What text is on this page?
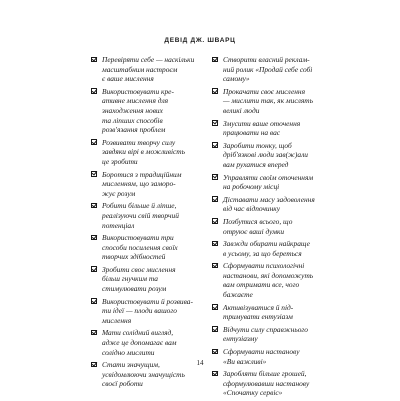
ДЕВІД ДЖ. ШВАРЦ
Перевіряти себе — наскільки
масштабним настроєм
є ваше мислення
Використовувати кре-
ативне мислення для
знаходження нових
та ліпших способів
розв'язання проблем
Розвивати творчу силу
завдяки вірі в можливість
це зробити
Боротися з традиційним
мисленням, що заморо-
жує розум
Робити більше й ліпше,
реалізуючи свій творчий
потенціал
Використовувати три
способи посилення своїх
творчих здібностей
Зробити своє мислення
більш гнучким та
стимулювати розум
Використовувати й розвива-
ти ідеї — плоди вашого
мислення
Мати солідний вигляд,
адже це допомагає вам
солідно мислити
Стати значущим,
усвідомлюючи значущість
своєї роботи
Створити власний реклам-
ний ролик «Продай себе собі
самому»
Прокачати своє мислення
— мислити так, як мислять
великі люди
Змусити ваше оточення
працювати на вас
Заробити тонку, щоб
дріб'язкові люди зав(ж)али
вам рухатися вперед
Управляти своїм оточенням
на робочому місці
Діставати масу задоволення
від час відпочинку
Позбутися всього, що
отруює ваші думки
Завжди обирати найкраще
в усьому, за що береться
Сформувати психологічні
настанови, які допоможуть
вам отримати все, чого
бажаєте
Активізуватися й під-
тримувати ентузіазм
Відчути силу справжнього
ентузіазму
Сформувати настанову
«Ви важливі»
Заробляти більше грошей,
сформулювавши настанову
«Спочатку сервіс»
14
